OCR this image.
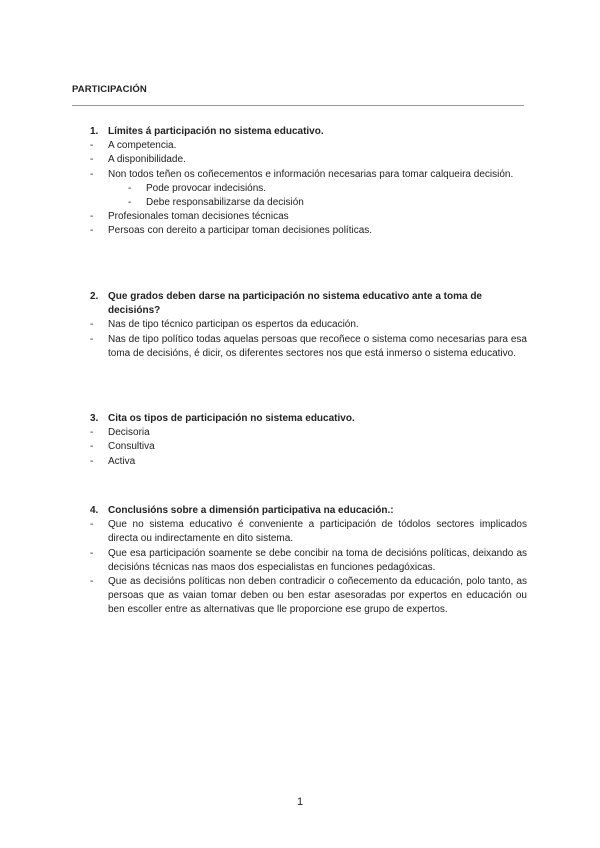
PARTICIPACIÓN
1. Límites á participación no sistema educativo.
-	A competencia.
-	A disponibilidade.
-	Non todos teñen os coñecementos e información necesarias para tomar calqueira decisión.
-	Pode provocar indecisións.
-	Debe responsabilizarse da decisión
-	Profesionales toman decisiones técnicas
-	Persoas con dereito a participar toman decisiones políticas.
2. Que grados deben darse na participación no sistema educativo ante a toma de decisións?
-	Nas de tipo técnico participan os espertos da educación.
-	Nas de tipo político todas aquelas persoas que recoñece o sistema como necesarias para esa toma de decisións, é dicir, os diferentes sectores nos que está inmerso o sistema educativo.
3. Cita os tipos de participación no sistema educativo.
-	Decisoria
-	Consultiva
-	Activa
4. Conclusións sobre a dimensión participativa na educación.:
-	Que no sistema educativo é conveniente a participación de tódolos sectores implicados directa ou indirectamente en dito sistema.
-	Que esa participación soamente se debe concibir na toma de decisións políticas, deixando as decisións técnicas nas maos dos especialistas en funciones pedagóxicas.
-	Que as decisións políticas non deben contradicir o coñecemento da educación, polo tanto, as persoas que as vaian tomar deben ou ben estar asesoradas por expertos en educación ou ben escoller entre as alternativas que lle proporcione ese grupo de expertos.
1
